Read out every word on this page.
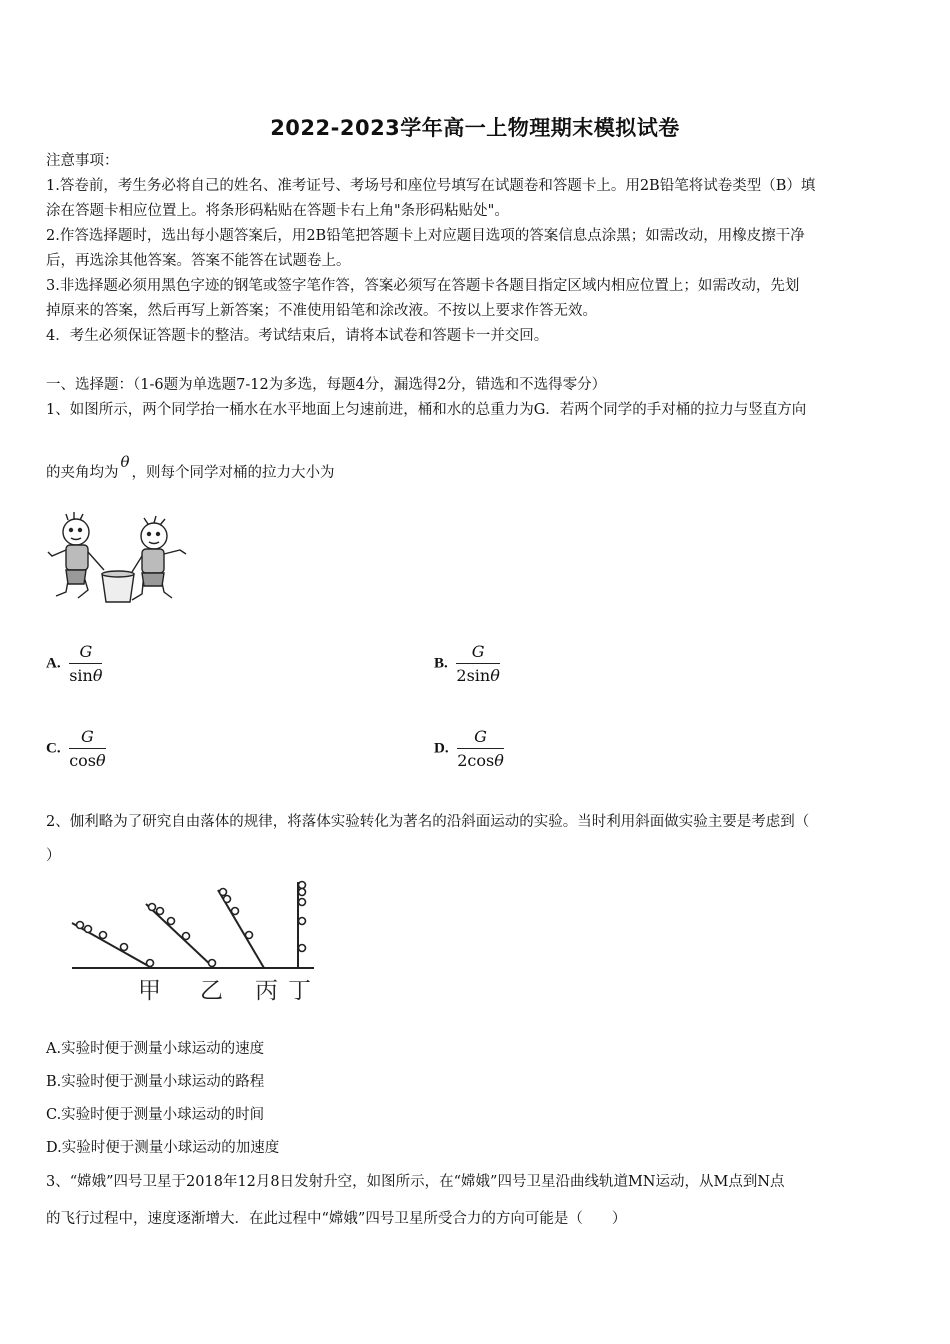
2022-2023学年高一上物理期末模拟试卷
注意事项：
1.答卷前，考生务必将自己的姓名、准考证号、考场号和座位号填写在试题卷和答题卡上。用2B铅笔将试卷类型（B）填
涂在答题卡相应位置上。将条形码粘贴在答题卡右上角"条形码粘贴处"。
2.作答选择题时，选出每小题答案后，用2B铅笔把答题卡上对应题目选项的答案信息点涂黑；如需改动，用橡皮擦干净
后，再选涂其他答案。答案不能答在试题卷上。
3.非选择题必须用黑色字迹的钢笔或签字笔作答，答案必须写在答题卡各题目指定区域内相应位置上；如需改动，先划
掉原来的答案，然后再写上新答案；不准使用铅笔和涂改液。不按以上要求作答无效。
4．考生必须保证答题卡的整洁。考试结束后，请将本试卷和答题卡一并交回。
一、选择题：（1-6题为单选题7-12为多选，每题4分，漏选得2分，错选和不选得零分）
1、如图所示，两个同学抬一桶水在水平地面上匀速前进，桶和水的总重力为G．若两个同学的手对桶的拉力与竖直方向
的夹角均为θ，则每个同学对桶的拉力大小为
A. $\frac{G}{\sin\theta}$	B. $\frac{G}{2\sin\theta}$
C. $\frac{G}{\cos\theta}$	D. $\frac{G}{2\cos\theta}$
2、伽利略为了研究自由落体的规律，将落体实验转化为著名的沿斜面运动的实验。当时利用斜面做实验主要是考虑到（
）
甲 乙 丙 丁
A.实验时便于测量小球运动的速度
B.实验时便于测量小球运动的路程
C.实验时便于测量小球运动的时间
D.实验时便于测量小球运动的加速度
3、“嫦娥”四号卫星于2018年12月8日发射升空，如图所示，在“嫦娥”四号卫星沿曲线轨道MN运动，从M点到N点
的飞行过程中，速度逐渐增大．在此过程中“嫦娥”四号卫星所受合力的方向可能是（　　）
